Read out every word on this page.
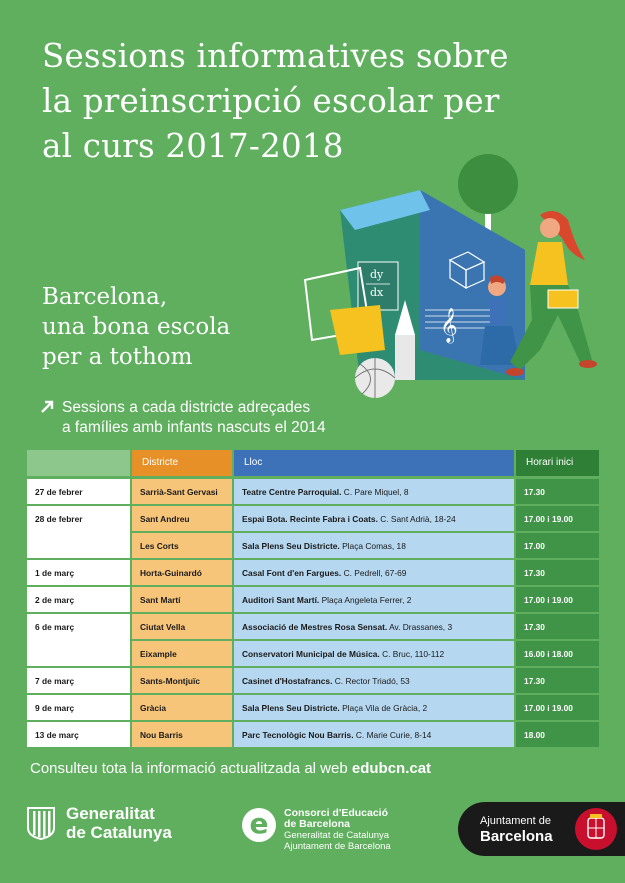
Sessions informatives sobre
la preinscripció escolar per
al curs 2017-2018
dy
dx
𝄞
Barcelona,
una bona escola
per a tothom
Sessions a cada districte adreçades
a famílies amb infants nascuts el 2014
Districte	Lloc	Horari inici
27 de febrer	Sarrià-Sant Gervasi	Teatre Centre Parroquial. C. Pare Miquel, 8	17.30
28 de febrer	Sant Andreu	Espai Bota. Recinte Fabra i Coats. C. Sant Adrià, 18-24	17.00 i 19.00
Les Corts	Sala Plens Seu Districte. Plaça Comas, 18	17.00
1 de març	Horta-Guinardó	Casal Font d'en Fargues. C. Pedrell, 67-69	17.30
2 de març	Sant Martí	Auditori Sant Martí. Plaça Angeleta Ferrer, 2	17.00 i 19.00
6 de març	Ciutat Vella	Associació de Mestres Rosa Sensat. Av. Drassanes, 3	17.30
Eixample	Conservatori Municipal de Música. C. Bruc, 110-112	16.00 i 18.00
7 de març	Sants-Montjuïc	Casinet d'Hostafrancs. C. Rector Triadó, 53	17.30
9 de març	Gràcia	Sala Plens Seu Districte. Plaça Vila de Gràcia, 2	17.00 i 19.00
13 de març	Nou Barris	Parc Tecnològic Nou Barris. C. Marie Curie, 8-14	18.00
Consulteu tota la informació actualitzada al web edubcn.cat
Generalitat
de Catalunya	e	Consorci d'Educació
de Barcelona
Generalitat de Catalunya
Ajuntament de Barcelona
Ajuntament de
Barcelona
